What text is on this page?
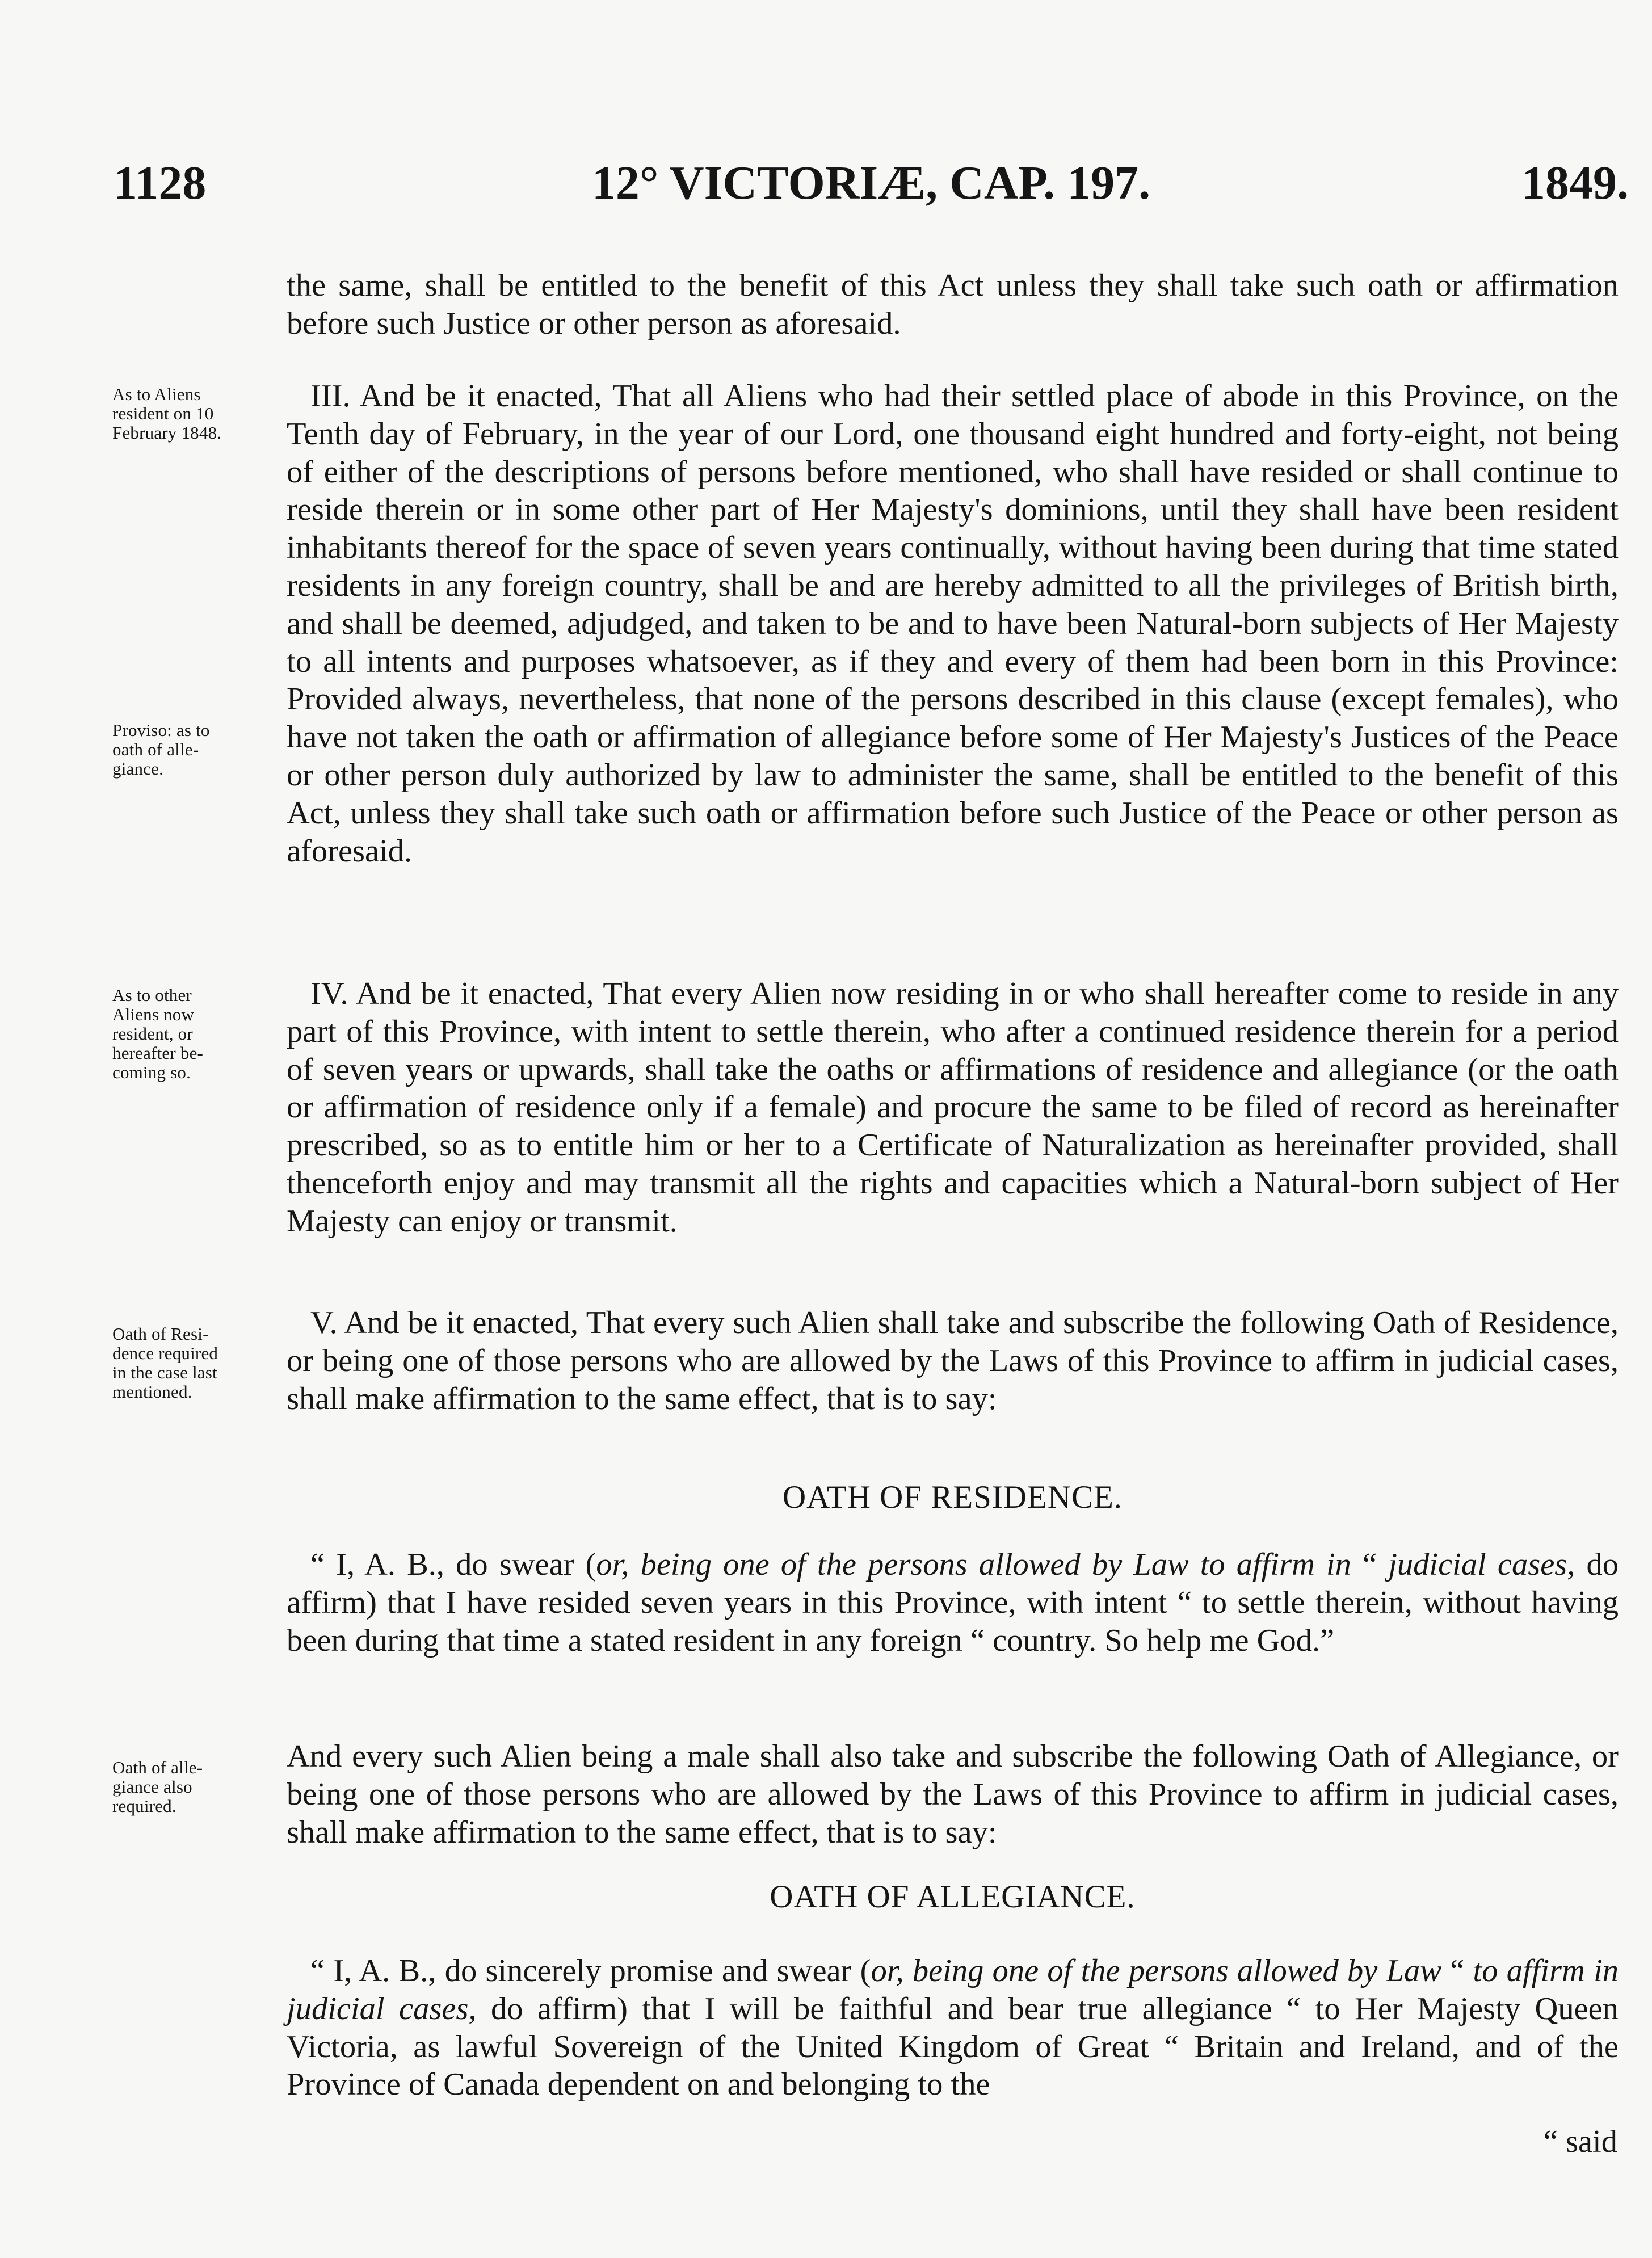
1128	12° VICTORIÆ, CAP. 197.	1849.
the same, shall be entitled to the benefit of this Act unless they shall take such oath or affirmation before such Justice or other person as aforesaid.
As to Aliens
resident on 10
February 1848.
III. And be it enacted, That all Aliens who had their settled place of abode in this Province, on the Tenth day of February, in the year of our Lord, one thousand eight hundred and forty-eight, not being of either of the descriptions of persons before mentioned, who shall have resided or shall continue to reside therein or in some other part of Her Majesty's dominions, until they shall have been resident inhabitants thereof for the space of seven years continually, without having been during that time stated residents in any foreign country, shall be and are hereby admitted to all the privileges of British birth, and shall be deemed, adjudged, and taken to be and to have been Natural-born subjects of Her Majesty to all intents and purposes whatsoever, as if they and every of them had been born in this Province: Provided always, nevertheless, that none of the persons described in this clause (except females), who have not taken the oath or affirmation of allegiance before some of Her Majesty's Justices of the Peace or other person duly authorized by law to administer the same, shall be entitled to the benefit of this Act, unless they shall take such oath or affirmation before such Justice of the Peace or other person as aforesaid.
Proviso: as to
oath of alle-
giance.
As to other
Aliens now
resident, or
hereafter be-
coming so.
IV. And be it enacted, That every Alien now residing in or who shall hereafter come to reside in any part of this Province, with intent to settle therein, who after a continued residence therein for a period of seven years or upwards, shall take the oaths or affirmations of residence and allegiance (or the oath or affirmation of residence only if a female) and procure the same to be filed of record as hereinafter prescribed, so as to entitle him or her to a Certificate of Naturalization as hereinafter provided, shall thenceforth enjoy and may transmit all the rights and capacities which a Natural-born subject of Her Majesty can enjoy or transmit.
Oath of Resi-
dence required
in the case last
mentioned.
V. And be it enacted, That every such Alien shall take and subscribe the following Oath of Residence, or being one of those persons who are allowed by the Laws of this Province to affirm in judicial cases, shall make affirmation to the same effect, that is to say:
OATH OF RESIDENCE.
“ I, A. B., do swear (or, being one of the persons allowed by Law to affirm in “ judicial cases, do affirm) that I have resided seven years in this Province, with intent “ to settle therein, without having been during that time a stated resident in any foreign “ country. So help me God.”
Oath of alle-
giance also
required.
And every such Alien being a male shall also take and subscribe the following Oath of Allegiance, or being one of those persons who are allowed by the Laws of this Province to affirm in judicial cases, shall make affirmation to the same effect, that is to say:
OATH OF ALLEGIANCE.
“ I, A. B., do sincerely promise and swear (or, being one of the persons allowed by Law “ to affirm in judicial cases, do affirm) that I will be faithful and bear true allegiance “ to Her Majesty Queen Victoria, as lawful Sovereign of the United Kingdom of Great “ Britain and Ireland, and of the Province of Canada dependent on and belonging to the
“ said
